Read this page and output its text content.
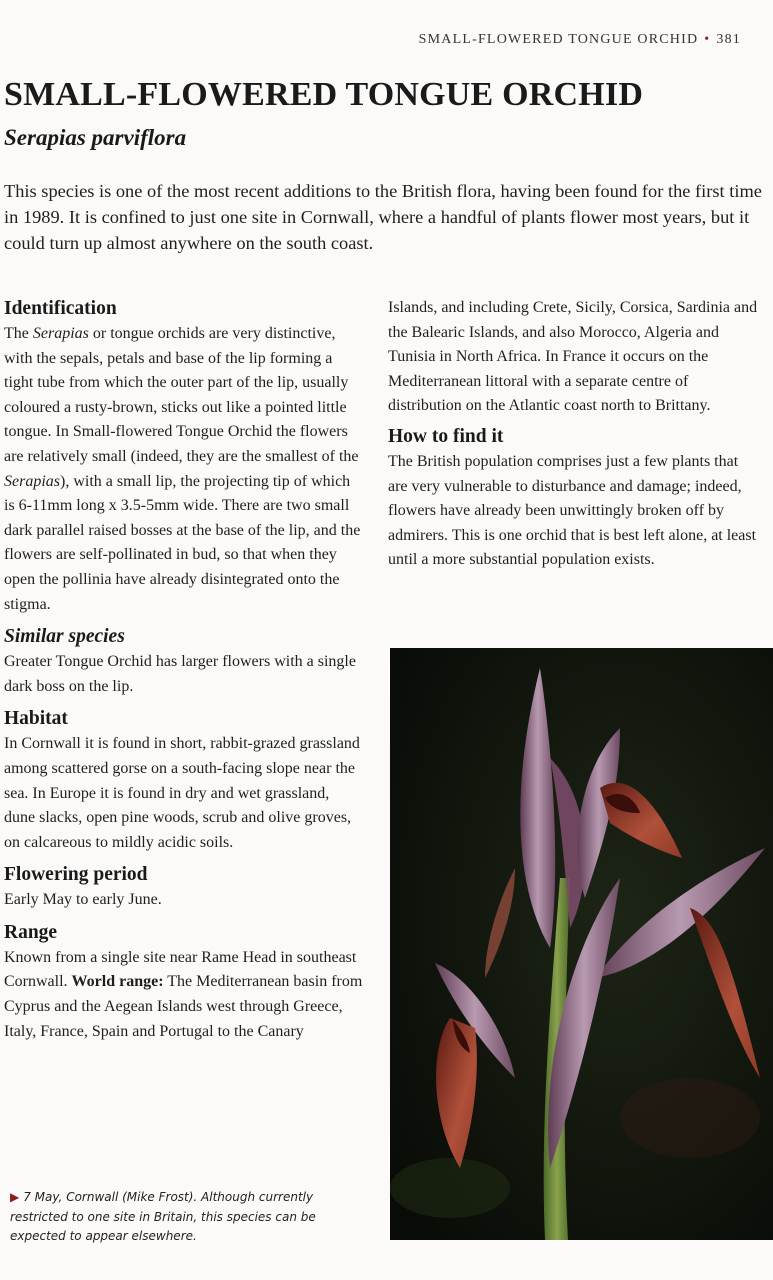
SMALL-FLOWERED TONGUE ORCHID • 381
SMALL-FLOWERED TONGUE ORCHID
Serapias parviflora

This species is one of the most recent additions to the British flora, having been found for the first time in 1989. It is confined to just one site in Cornwall, where a handful of plants flower most years, but it could turn up almost anywhere on the south coast.

Identification

The Serapias or tongue orchids are very distinctive, with the sepals, petals and base of the lip forming a tight tube from which the outer part of the lip, usually coloured a rusty-brown, sticks out like a pointed little tongue. In Small-flowered Tongue Orchid the flowers are relatively small (indeed, they are the smallest of the Serapias), with a small lip, the projecting tip of which is 6-11mm long x 3.5-5mm wide. There are two small dark parallel raised bosses at the base of the lip, and the flowers are self-pollinated in bud, so that when they open the pollinia have already disintegrated onto the stigma.

Similar species

Greater Tongue Orchid has larger flowers with a single dark boss on the lip.

Habitat

In Cornwall it is found in short, rabbit-grazed grassland among scattered gorse on a south-facing slope near the sea. In Europe it is found in dry and wet grassland, dune slacks, open pine woods, scrub and olive groves, on calcareous to mildly acidic soils.

Flowering period

Early May to early June.

Range

Known from a single site near Rame Head in southeast Cornwall. World range: The Mediterranean basin from Cyprus and the Aegean Islands west through Greece, Italy, France, Spain and Portugal to the Canary

Islands, and including Crete, Sicily, Corsica, Sardinia and the Balearic Islands, and also Morocco, Algeria and Tunisia in North Africa. In France it occurs on the Mediterranean littoral with a separate centre of distribution on the Atlantic coast north to Brittany.

How to find it

The British population comprises just a few plants that are very vulnerable to disturbance and damage; indeed, flowers have already been unwittingly broken off by admirers. This is one orchid that is best left alone, at least until a more substantial population exists.

▶ 7 May, Cornwall (Mike Frost). Although currently restricted to one site in Britain, this species can be expected to appear elsewhere.
